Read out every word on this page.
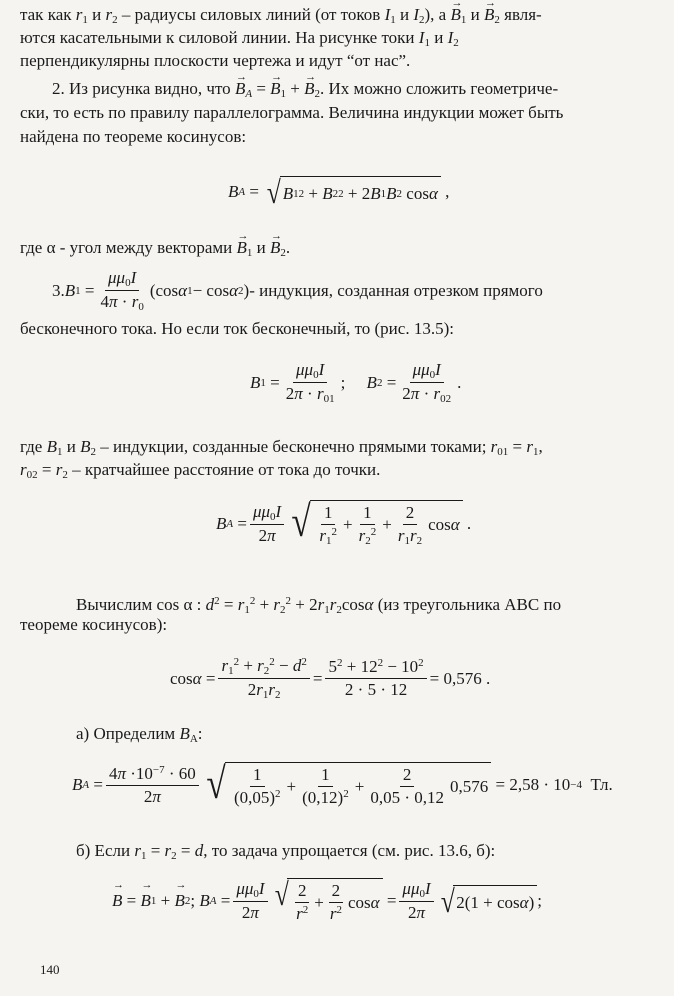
так как $r_1$ и $r_2$ – радиусы силовых линий (от токов $I_1$ и $I_2$), $а \to B_1$ $и \to B_2$ явля-
ются касательными к силовой линии. На рисунке токи $I_1$ и $I_2$
перпендикулярны плоскости чертежа и идут “от нас”.
2. Из рисунка видно, что → $B_A$ = → $B_1$ + → $B_2$. Их можно сложить геометриче-
ски, то есть по правилу параллелограмма. Величина индукции может быть
найдена по теореме косинусов:
B A = √ B 1 2 + B 2 2 + 2 B 1 B 2 cos α ,
где α - угол между векторами → $B_1$ $и \to B_2$.
3. B $1 = \frac{\mu\mu_0I}{4\pi \cdot r_0} (\cos$ α 1 − cos α 2 ) - индукция, созданная отрезком прямого
бесконечного тока. Но если ток бесконечный, то (рис. 13.5):
B $1 = \frac{\mu\mu_0I}{2\pi \cdot r_{01}}$ ; B $2 = \frac{\mu\mu_0I}{2\pi \cdot r_{02}}$ .
где $B_1$ и $B_2$ – индукции, созданные бесконечно прямыми токами; $r_{01} = r_1$,
$r_{02} = r_2$ – кратчайшее расстояние от тока до точки.
B $A = \frac{\mu\mu_0I}{2\pi}$ √ $\frac{1}{r_1^2} + \frac{1}{r_2^2} + \frac{2}{r_1r_2}$ cos α .
Вычислим cos α : $d^2 = r_1^2 + r_2^2 + 2r_1r_2\cos\alpha$ (из треугольника АВС по
теореме косинусов):
$\cos \alpha = \frac{r_1^2 + r_2^2 - d^2}{2r_1r_2} = \frac{5^2 + 12^2 - 10^2}{2 \cdot 5 \cdot 12} = 0,576$ .
а) Определим $B_A$:
B $A = \frac{4\pi \cdot 10^{-7} \cdot 60}{2\pi}$ √ $\frac{1}{(0,05)^2} + \frac{1}{(0,12)^2} + \frac{2}{0,05 \cdot 0,12} 0,576 = 2,58 \cdot 10 -4$
Тл.
б) Если $r_1 = r_2 = d$, то задача упрощается (см. рис. 13.6, б):
→ B = → B 1 + → B 2 ; B $A = \frac{\mu\mu_0I}{2\pi}$ √ $\frac{2}{r^2} + \frac{2}{r^2}$ $\cos \alpha = \frac{\mu\mu_0I}{2\pi}$ √ 2(1 + cos α ) ;
140
